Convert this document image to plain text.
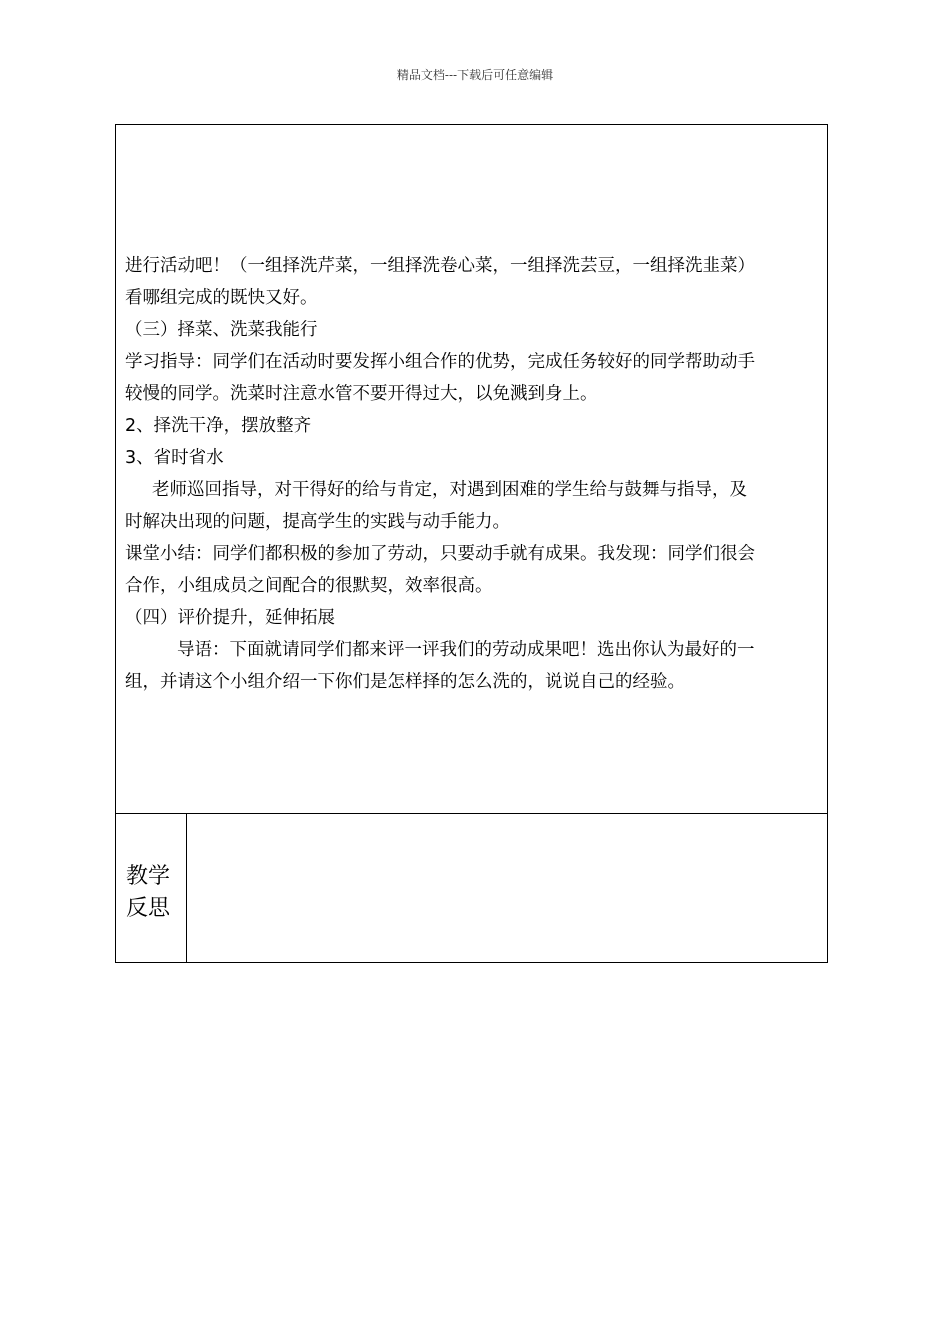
精品文档---下载后可任意编辑
进行活动吧！（一组择洗芹菜，一组择洗卷心菜，一组择洗芸豆，一组择洗韭菜）
看哪组完成的既快又好。
（三）择菜、洗菜我能行
学习指导：同学们在活动时要发挥小组合作的优势，完成任务较好的同学帮助动手
较慢的同学。洗菜时注意水管不要开得过大，以免溅到身上。
2、择洗干净，摆放整齐
3、省时省水
老师巡回指导，对干得好的给与肯定，对遇到困难的学生给与鼓舞与指导，及
时解决出现的问题，提高学生的实践与动手能力。
课堂小结：同学们都积极的参加了劳动，只要动手就有成果。我发现：同学们很会
合作，小组成员之间配合的很默契，效率很高。
（四）评价提升，延伸拓展
导语：下面就请同学们都来评一评我们的劳动成果吧！选出你认为最好的一
组，并请这个小组介绍一下你们是怎样择的怎么洗的，说说自己的经验。
教学反思
